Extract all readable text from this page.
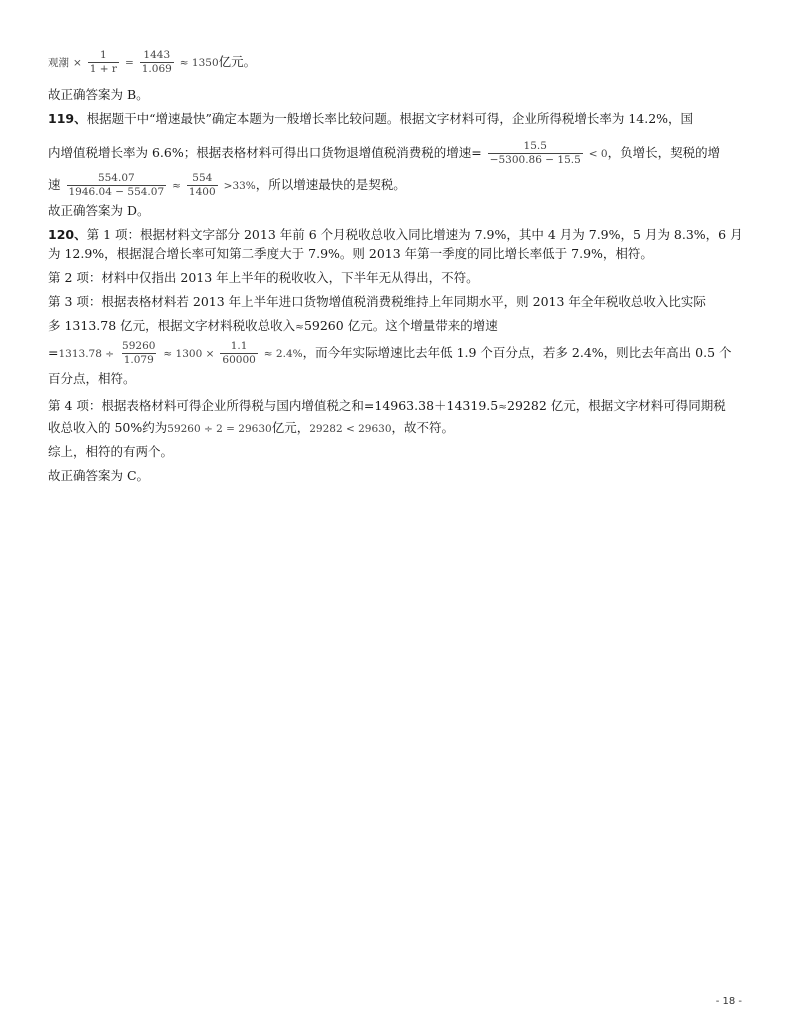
观潮 × $\frac{1}{1 + r} = \frac{1443}{1.069} \approx 1350$亿元。
故正确答案为 B。
119、根据题干中“增速最快”确定本题为一般增长率比较问题。根据文字材料可得，企业所得税增长率为 14.2%，国
内增值税增长率为 6.6%；根据表格材料可得出口货物退增值税消费税的增速= $\frac{15.5}{-5300.86 - 15.5} < 0$，负增长，契税的增
速 $\frac{554.07}{1946.04 - 554.07} \approx \frac{554}{1400} >33\%$，所以增速最快的是契税。
故正确答案为 D。
120、第 1 项：根据材料文字部分 2013 年前 6 个月税收总收入同比增速为 7.9%，其中 4 月为 7.9%，5 月为 8.3%，6 月
为 12.9%，根据混合增长率可知第二季度大于 7.9%。则 2013 年第一季度的同比增长率低于 7.9%，相符。
第 2 项：材料中仅指出 2013 年上半年的税收收入，下半年无从得出，不符。
第 3 项：根据表格材料若 2013 年上半年进口货物增值税消费税维持上年同期水平，则 2013 年全年税收总收入比实际
多 1313.78 亿元，根据文字材料税收总收入≈59260 亿元。这个增量带来的增速
$=1313.78 \div \frac{59260}{1.079} \approx 1300 \times \frac{1.1}{60000} \approx 2.4\%$，而今年实际增速比去年低 1.9 个百分点，若多 2.4%，则比去年高出 0.5 个
百分点，相符。
第 4 项：根据表格材料可得企业所得税与国内增值税之和=14963.38＋14319.5≈29282 亿元，根据文字材料可得同期税
收总收入的 50%约为59260 ÷ 2 = 29630亿元，29282 < 29630，故不符。
综上，相符的有两个。
故正确答案为 C。
- 18 -
